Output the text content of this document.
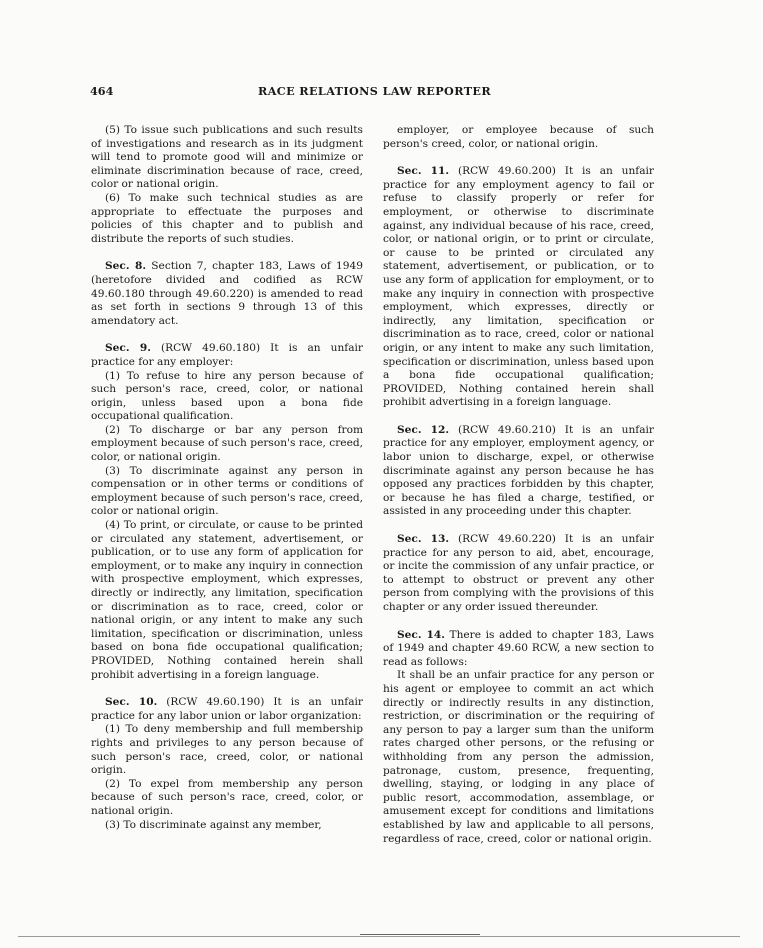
464	RACE RELATIONS LAW REPORTER

(5) To issue such publications and such results of investigations and research as in its judgment will tend to promote good will and minimize or eliminate discrimination because of race, creed, color or national origin.

(6) To make such technical studies as are appropriate to effectuate the purposes and policies of this chapter and to publish and distribute the reports of such studies.

Sec. 8. Section 7, chapter 183, Laws of 1949 (heretofore divided and codified as RCW 49.60.180 through 49.60.220) is amended to read as set forth in sections 9 through 13 of this amendatory act.

Sec. 9. (RCW 49.60.180) It is an unfair practice for any employer:

(1) To refuse to hire any person because of such person's race, creed, color, or national origin, unless based upon a bona fide occupational qualification.

(2) To discharge or bar any person from employment because of such person's race, creed, color, or national origin.

(3) To discriminate against any person in compensation or in other terms or conditions of employment because of such person's race, creed, color or national origin.

(4) To print, or circulate, or cause to be printed or circulated any statement, advertisement, or publication, or to use any form of application for employment, or to make any inquiry in connection with prospective employment, which expresses, directly or indirectly, any limitation, specification or discrimination as to race, creed, color or national origin, or any intent to make any such limitation, specification or discrimination, unless based on bona fide occupational qualification; PROVIDED, Nothing contained herein shall prohibit advertising in a foreign language.

Sec. 10. (RCW 49.60.190) It is an unfair practice for any labor union or labor organization:

(1) To deny membership and full membership rights and privileges to any person because of such person's race, creed, color, or national origin.

(2) To expel from membership any person because of such person's race, creed, color, or national origin.

(3) To discriminate against any member,

employer, or employee because of such person's creed, color, or national origin.

Sec. 11. (RCW 49.60.200) It is an unfair practice for any employment agency to fail or refuse to classify properly or refer for employment, or otherwise to discriminate against, any individual because of his race, creed, color, or national origin, or to print or circulate, or cause to be printed or circulated any statement, advertisement, or publication, or to use any form of application for employment, or to make any inquiry in connection with prospective employment, which expresses, directly or indirectly, any limitation, specification or discrimination as to race, creed, color or national origin, or any intent to make any such limitation, specification or discrimination, unless based upon a bona fide occupational qualification; PROVIDED, Nothing contained herein shall prohibit advertising in a foreign language.

Sec. 12. (RCW 49.60.210) It is an unfair practice for any employer, employment agency, or labor union to discharge, expel, or otherwise discriminate against any person because he has opposed any practices forbidden by this chapter, or because he has filed a charge, testified, or assisted in any proceeding under this chapter.

Sec. 13. (RCW 49.60.220) It is an unfair practice for any person to aid, abet, encourage, or incite the commission of any unfair practice, or to attempt to obstruct or prevent any other person from complying with the provisions of this chapter or any order issued thereunder.

Sec. 14. There is added to chapter 183, Laws of 1949 and chapter 49.60 RCW, a new section to read as follows:

It shall be an unfair practice for any person or his agent or employee to commit an act which directly or indirectly results in any distinction, restriction, or discrimination or the requiring of any person to pay a larger sum than the uniform rates charged other persons, or the refusing or withholding from any person the admission, patronage, custom, presence, frequenting, dwelling, staying, or lodging in any place of public resort, accommodation, assemblage, or amusement except for conditions and limitations established by law and applicable to all persons, regardless of race, creed, color or national origin.
